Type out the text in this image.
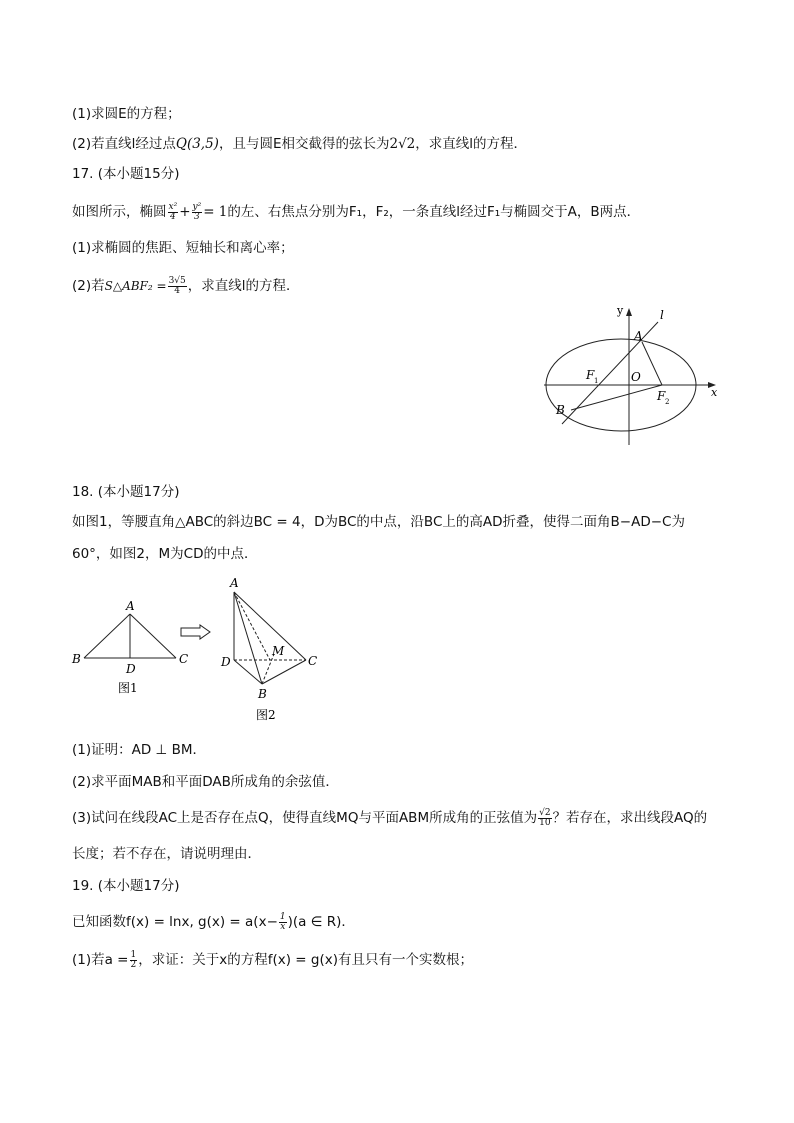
(1)求圆E的方程；
(2)若直线l经过点Q(3,5)，且与圆E相交截得的弦长为2√2，求直线l的方程．
17. (本小题15分)
如图所示，椭圆 $\frac{\text{x²}}{4} + \frac{\text{y²}}{3} = 1$的左、右焦点分别为F₁，F₂，一条直线l经过F₁与椭圆交于A，B两点．
(1)求椭圆的焦距、短轴长和离心率；
(2)若S△ABF₂ = $\frac{3√5}{4}$ ，求直线l的方程．
y
x
l
A
B
O
F 1
F 2
18. (本小题17分)
如图1，等腰直角△ABC的斜边BC = 4，D为BC的中点，沿BC上的高AD折叠，使得二面角B−AD−C为
60°，如图2，M为CD的中点．
A
B	C
D
图1
A
D	C
M
B
图2
(1)证明：AD ⊥ BM．
(2)求平面MAB和平面DAB所成角的余弦值．
(3)试问在线段AC上是否存在点Q，使得直线MQ与平面ABM所成角的正弦值为 $\frac{√2}{10}$ ？若存在，求出线段AQ的
长度；若不存在，请说明理由．
19. (本小题17分)
已知函数f(x) = lnx, $g(x) = a(x- \frac{1}{x} )(a$ ∈ R)．
(1)若$a = \frac{1}{2}$ ，求证：关于x的方程f(x) = g(x)有且只有一个实数根；
